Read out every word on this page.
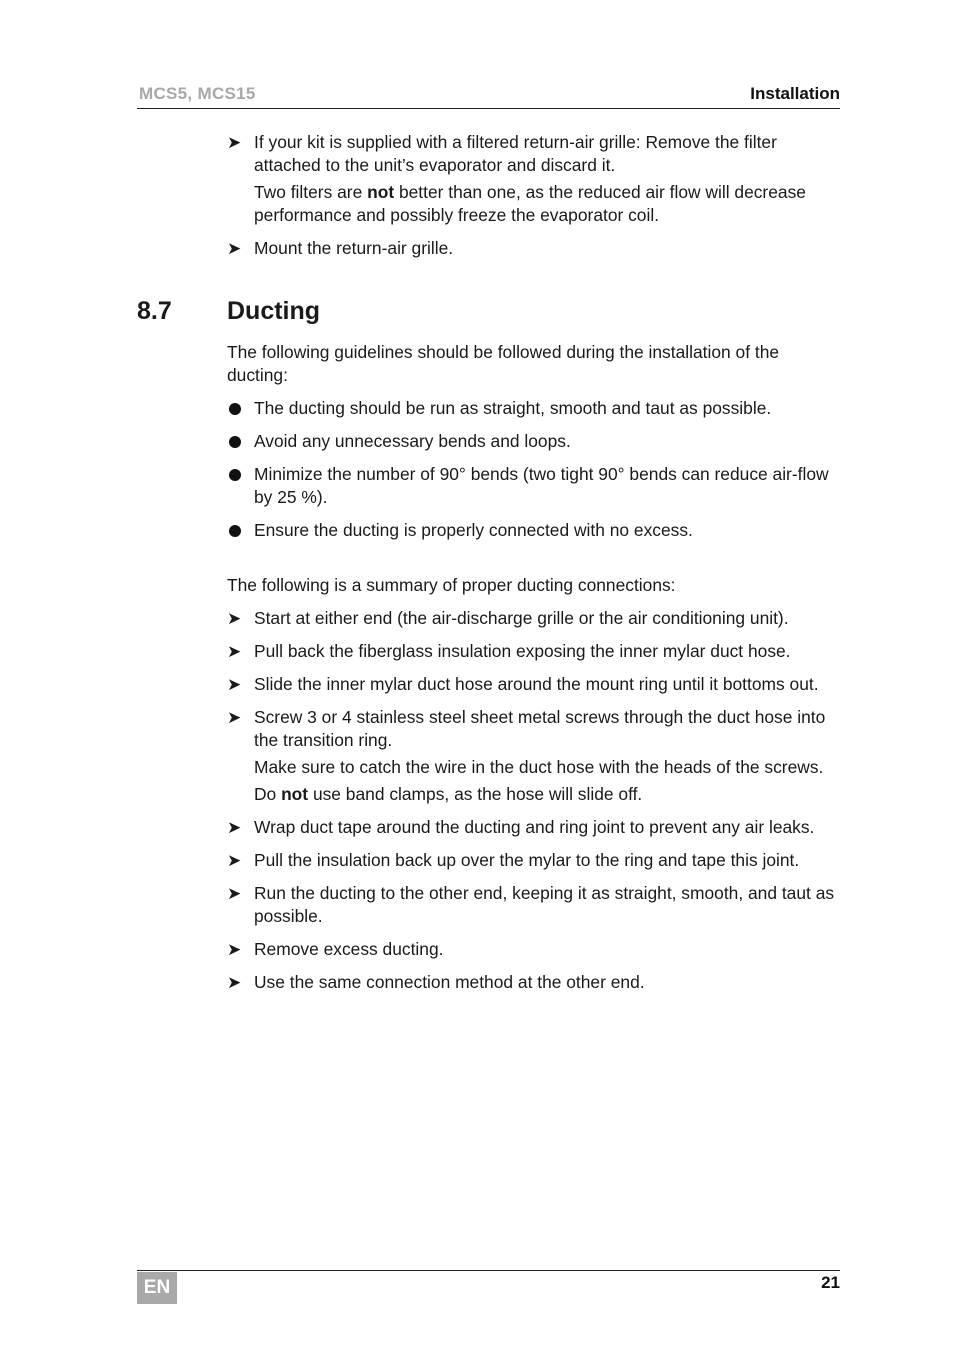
MCS5, MCS15	Installation
➤ If your kit is supplied with a filtered return-air grille: Remove the filter attached to the unit’s evaporator and discard it.

Two filters are not better than one, as the reduced air flow will decrease performance and possibly freeze the evaporator coil.

➤ Mount the return-air grille.

8.7 Ducting

The following guidelines should be followed during the installation of the ducting:

The ducting should be run as straight, smooth and taut as possible.

Avoid any unnecessary bends and loops.

Minimize the number of 90° bends (two tight 90° bends can reduce air-flow by 25 %).

Ensure the ducting is properly connected with no excess.

The following is a summary of proper ducting connections:

➤ Start at either end (the air-discharge grille or the air conditioning unit).

➤ Pull back the fiberglass insulation exposing the inner mylar duct hose.

➤ Slide the inner mylar duct hose around the mount ring until it bottoms out.

➤ Screw 3 or 4 stainless steel sheet metal screws through the duct hose into the transition ring.

Make sure to catch the wire in the duct hose with the heads of the screws.

Do not use band clamps, as the hose will slide off.

➤ Wrap duct tape around the ducting and ring joint to prevent any air leaks.

➤ Pull the insulation back up over the mylar to the ring and tape this joint.

➤ Run the ducting to the other end, keeping it as straight, smooth, and taut as possible.

➤ Remove excess ducting.

➤ Use the same connection method at the other end.

EN	21
